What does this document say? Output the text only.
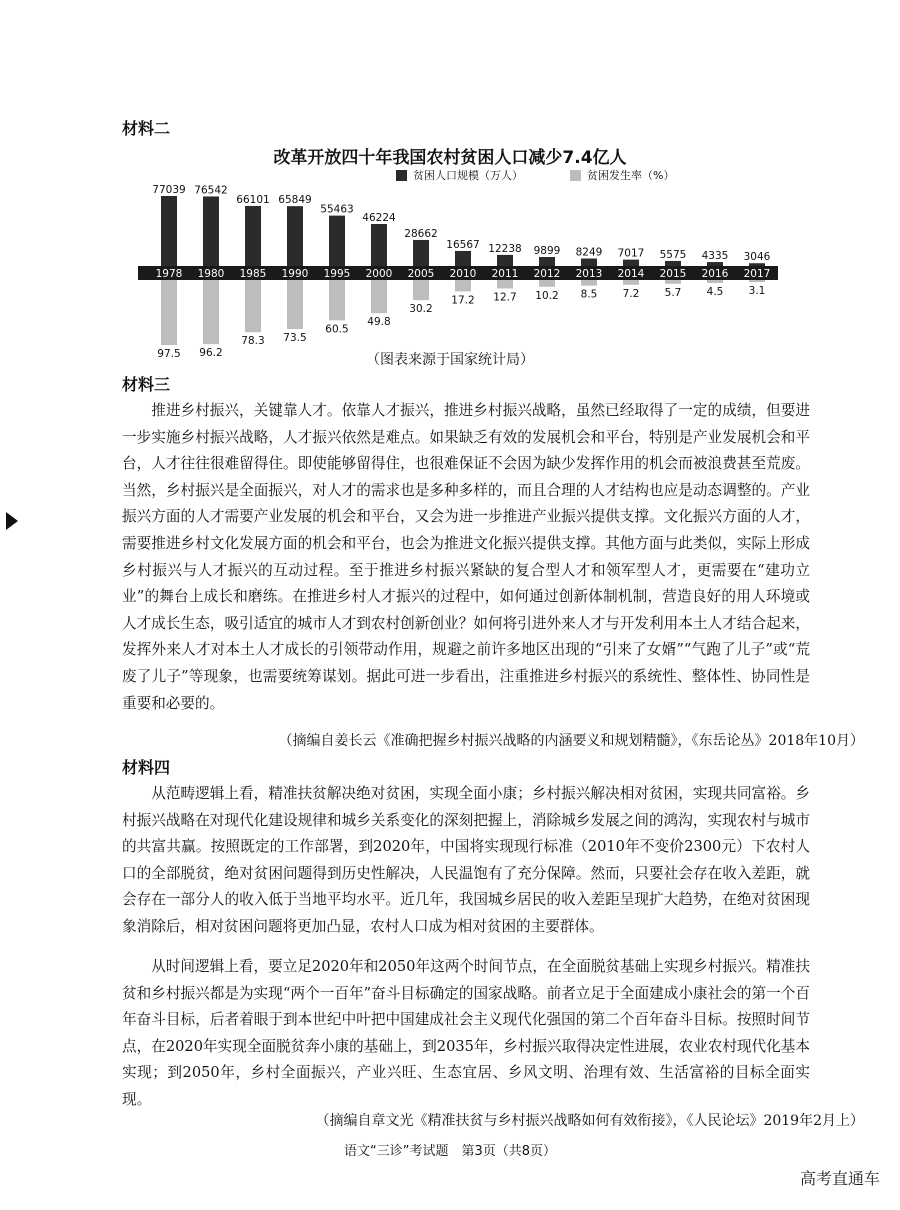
材料二
改革开放四十年我国农村贫困人口减少7.4亿人
贫困人口规模（万人）	贫困发生率（%）
77039
97.5
1978
76542
96.2
1980
66101
78.3
1985
65849
73.5
1990
55463
60.5
1995
46224
49.8
2000
28662
30.2
2005
16567
17.2
2010
12238
12.7
2011
9899
10.2
2012
8249
8.5
2013
7017
7.2
2014
5575
5.7
2015
4335
4.5
2016
3046
3.1
2017
（图表来源于国家统计局）
材料三

推进乡村振兴，关键靠人才。依靠人才振兴，推进乡村振兴战略，虽然已经取得了一定的成绩，但要进一步实施乡村振兴战略，人才振兴依然是难点。如果缺乏有效的发展机会和平台，特别是产业发展机会和平台，人才往往很难留得住。即使能够留得住，也很难保证不会因为缺少发挥作用的机会而被浪费甚至荒废。当然，乡村振兴是全面振兴，对人才的需求也是多种多样的，而且合理的人才结构也应是动态调整的。产业振兴方面的人才需要产业发展的机会和平台，又会为进一步推进产业振兴提供支撑。文化振兴方面的人才，需要推进乡村文化发展方面的机会和平台，也会为推进文化振兴提供支撑。其他方面与此类似，实际上形成乡村振兴与人才振兴的互动过程。至于推进乡村振兴紧缺的复合型人才和领军型人才，更需要在“建功立业”的舞台上成长和磨练。在推进乡村人才振兴的过程中，如何通过创新体制机制，营造良好的用人环境或人才成长生态，吸引适宜的城市人才到农村创新创业？如何将引进外来人才与开发利用本土人才结合起来，发挥外来人才对本土人才成长的引领带动作用，规避之前许多地区出现的“引来了女婿”“气跑了儿子”或“荒废了儿子”等现象，也需要统筹谋划。据此可进一步看出，注重推进乡村振兴的系统性、整体性、协同性是重要和必要的。

（摘编自姜长云《准确把握乡村振兴战略的内涵要义和规划精髓》，《东岳论丛》2018年10月）
材料四

从范畴逻辑上看，精准扶贫解决绝对贫困，实现全面小康；乡村振兴解决相对贫困，实现共同富裕。乡村振兴战略在对现代化建设规律和城乡关系变化的深刻把握上，消除城乡发展之间的鸿沟，实现农村与城市的共富共赢。按照既定的工作部署，到2020年，中国将实现现行标准（2010年不变价2300元）下农村人口的全部脱贫，绝对贫困问题得到历史性解决，人民温饱有了充分保障。然而，只要社会存在收入差距，就会存在一部分人的收入低于当地平均水平。近几年，我国城乡居民的收入差距呈现扩大趋势，在绝对贫困现象消除后，相对贫困问题将更加凸显，农村人口成为相对贫困的主要群体。

从时间逻辑上看，要立足2020年和2050年这两个时间节点，在全面脱贫基础上实现乡村振兴。精准扶贫和乡村振兴都是为实现“两个一百年”奋斗目标确定的国家战略。前者立足于全面建成小康社会的第一个百年奋斗目标，后者着眼于到本世纪中叶把中国建成社会主义现代化强国的第二个百年奋斗目标。按照时间节点，在2020年实现全面脱贫奔小康的基础上，到2035年，乡村振兴取得决定性进展，农业农村现代化基本实现；到2050年，乡村全面振兴，产业兴旺、生态宜居、乡风文明、治理有效、生活富裕的目标全面实现。

（摘编自章文光《精准扶贫与乡村振兴战略如何有效衔接》，《人民论坛》2019年2月上）
语文“三诊”考试题　第3页（共8页）
高考直通车
